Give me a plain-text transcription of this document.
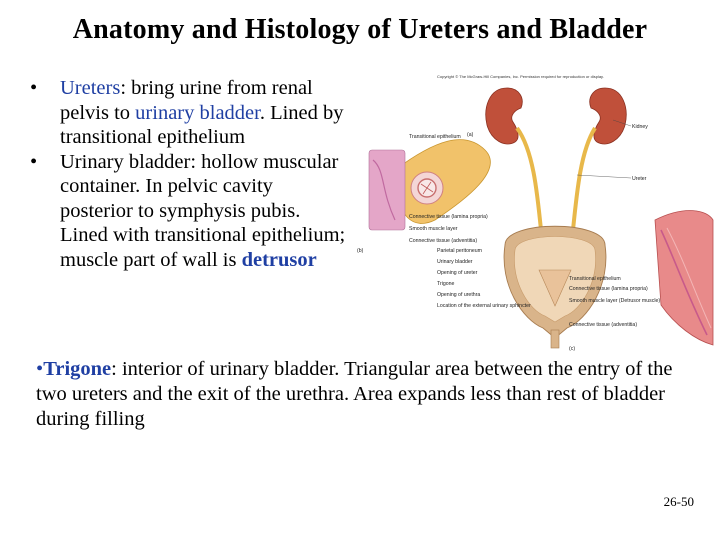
Anatomy and Histology of Ureters and Bladder
• Ureters: bring urine from renal pelvis to urinary bladder. Lined by transitional epithelium
• Urinary bladder: hollow muscular container. In pelvic cavity posterior to symphysis pubis. Lined with transitional epithelium; muscle part of wall is detrusor
Copyright © The McGraw-Hill Companies, Inc. Permission required for reproduction or display.
Kidney
Ureter
(a)
Transitional epithelium
Connective tissue (lamina propria)
Smooth muscle layer
Connective tissue (adventitia)
(b)	Parietal peritoneum
Urinary bladder
Opening of ureter
Trigone
Opening of urethra
Location of the external urinary sphincter
Transitional epithelium
Connective tissue (lamina propria)
Smooth muscle layer (Detrusor muscle)
Connective tissue (adventitia)
(c)
•Trigone: interior of urinary bladder. Triangular area between the entry of the two ureters and the exit of the urethra. Area expands less than rest of bladder during filling
26-50
